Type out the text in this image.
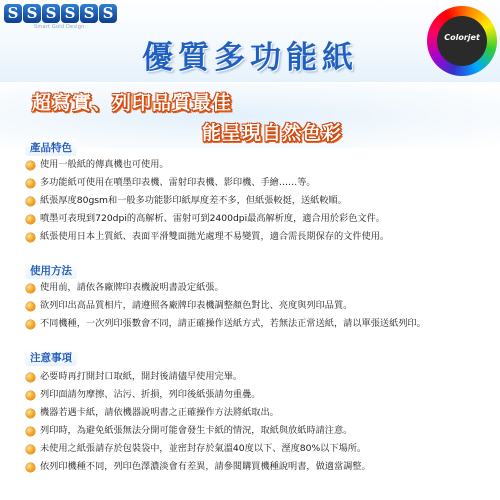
S S S S S S
Smart Gold Design
優質多功能紙
Colorjet
超寫實、列印品質最佳
能呈現自然色彩
產品特色
使用一般紙的傳真機也可使用。
多功能紙可使用在噴墨印表機、雷射印表機、影印機、手繪……等。
紙張厚度80gsm和一般多功能影印紙厚度差不多，但紙張較挺，送紙較順。
噴墨可表現到720dpi的高解析、雷射可到2400dpi最高解析度，適合用於彩色文件。
紙張使用日本上質紙、表面平滑雙面拋光處理不易變質，適合需長期保存的文件使用。
使用方法
使用前，請依各廠牌印表機說明書設定紙張。
欲列印出高品質相片，請遵照各廠牌印表機調整顏色對比、亮度與列印品質。
不同機種，一次列印張數會不同，請正確操作送紙方式，若無法正常送紙，請以單張送紙列印。
注意事項
必要時再打開封口取紙，開封後請儘早使用完畢。
列印面請勿摩擦、沾污、折損，列印後紙張請勿重疊。
機器若遇卡紙，請依機器說明書之正確操作方法將紙取出。
列印時，為避免紙張無法分開可能會發生卡紙的情況，取紙與放紙時請注意。
未使用之紙張請存於包裝袋中，並密封存於氣溫40度以下、溼度80%以下場所。
依列印機種不同，列印色澤濃淡會有差異，請參閱購買機種說明書，做適當調整。
